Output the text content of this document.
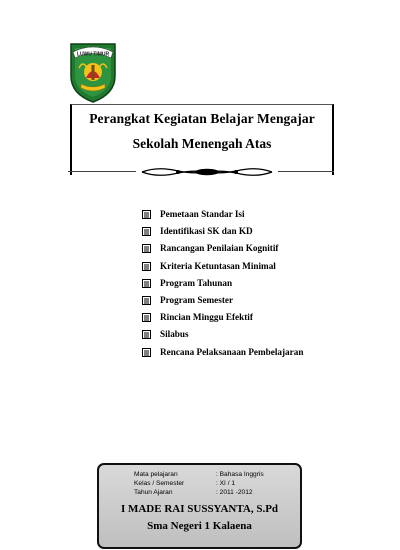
LUWU TIMUR
Perangkat Kegiatan Belajar Mengajar
Sekolah Menengah Atas
Pemetaan Standar Isi
Identifikasi SK dan KD
Rancangan Penilaian Kognitif
Kriteria Ketuntasan Minimal
Program Tahunan
Program Semester
Rincian Minggu Efektif
Silabus
Rencana Pelaksanaan Pembelajaran
Mata pelajaran	: Bahasa Inggris
Kelas / Semester	: XI / 1
Tahun Ajaran	: 2011 -2012
I MADE RAI SUSSYANTA, S.Pd
Sma Negeri 1 Kalaena
